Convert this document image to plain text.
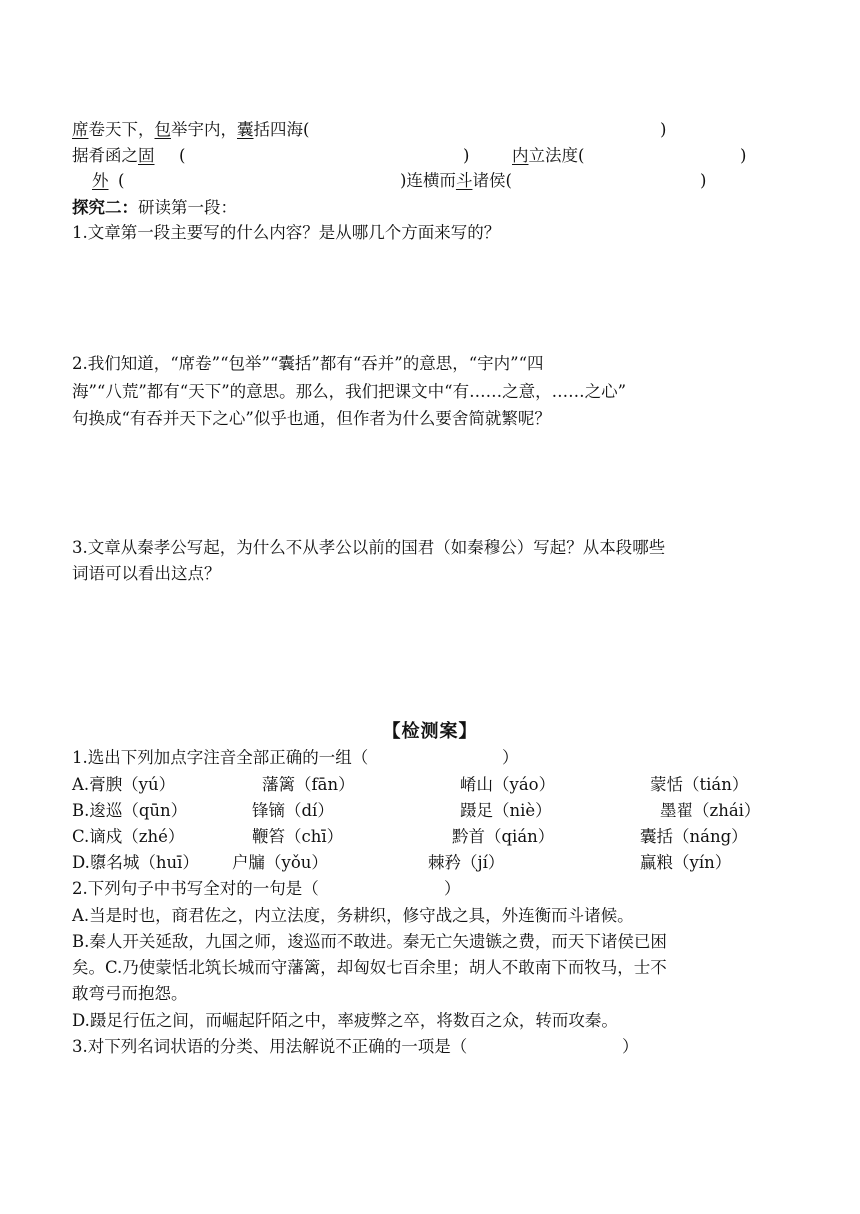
席卷天下，包举宇内，囊括四海(	)
据肴函之固 (	)	内立法度(	)
外 (	)连横而斗诸侯(	)
探究二：研读第一段：
1.文章第一段主要写的什么内容？是从哪几个方面来写的？
2.我们知道，“席卷”“包举”“囊括”都有“吞并”的意思，“宇内”“四
海”“八荒”都有“天下”的意思。那么，我们把课文中“有……之意，……之心”
句换成“有吞并天下之心”似乎也通，但作者为什么要舍简就繁呢？
3.文章从秦孝公写起，为什么不从孝公以前的国君（如秦穆公）写起？从本段哪些
词语可以看出这点？
【检测案】
1.选出下列加点字注音全部正确的一组（	）
A.膏腴（yú）	藩篱（fān）	崤山（yáo）	蒙恬（tián）
B.逡巡（qūn）	锋镝（dí）	蹑足（niè）	墨翟（zhái）
C.谪戍（zhé）	鞭笞（chī）	黔首（qián）	囊括（náng）
D.隳名城（huī） 户牖（yǒu）	棘矜（jí）	赢粮（yín）
2.下列句子中书写全对的一句是（	）
A.当是时也，商君佐之，内立法度，务耕织，修守战之具，外连衡而斗诸候。
B.秦人开关延敌，九国之师，逡巡而不敢进。秦无亡矢遗镞之费，而天下诸侯已困
矣。C.乃使蒙恬北筑长城而守藩篱，却匈奴七百余里；胡人不敢南下而牧马，士不
敢弯弓而抱怨。
D.蹑足行伍之间，而崛起阡陌之中，率疲弊之卒，将数百之众，转而攻秦。
3.对下列名词状语的分类、用法解说不正确的一项是（	）
